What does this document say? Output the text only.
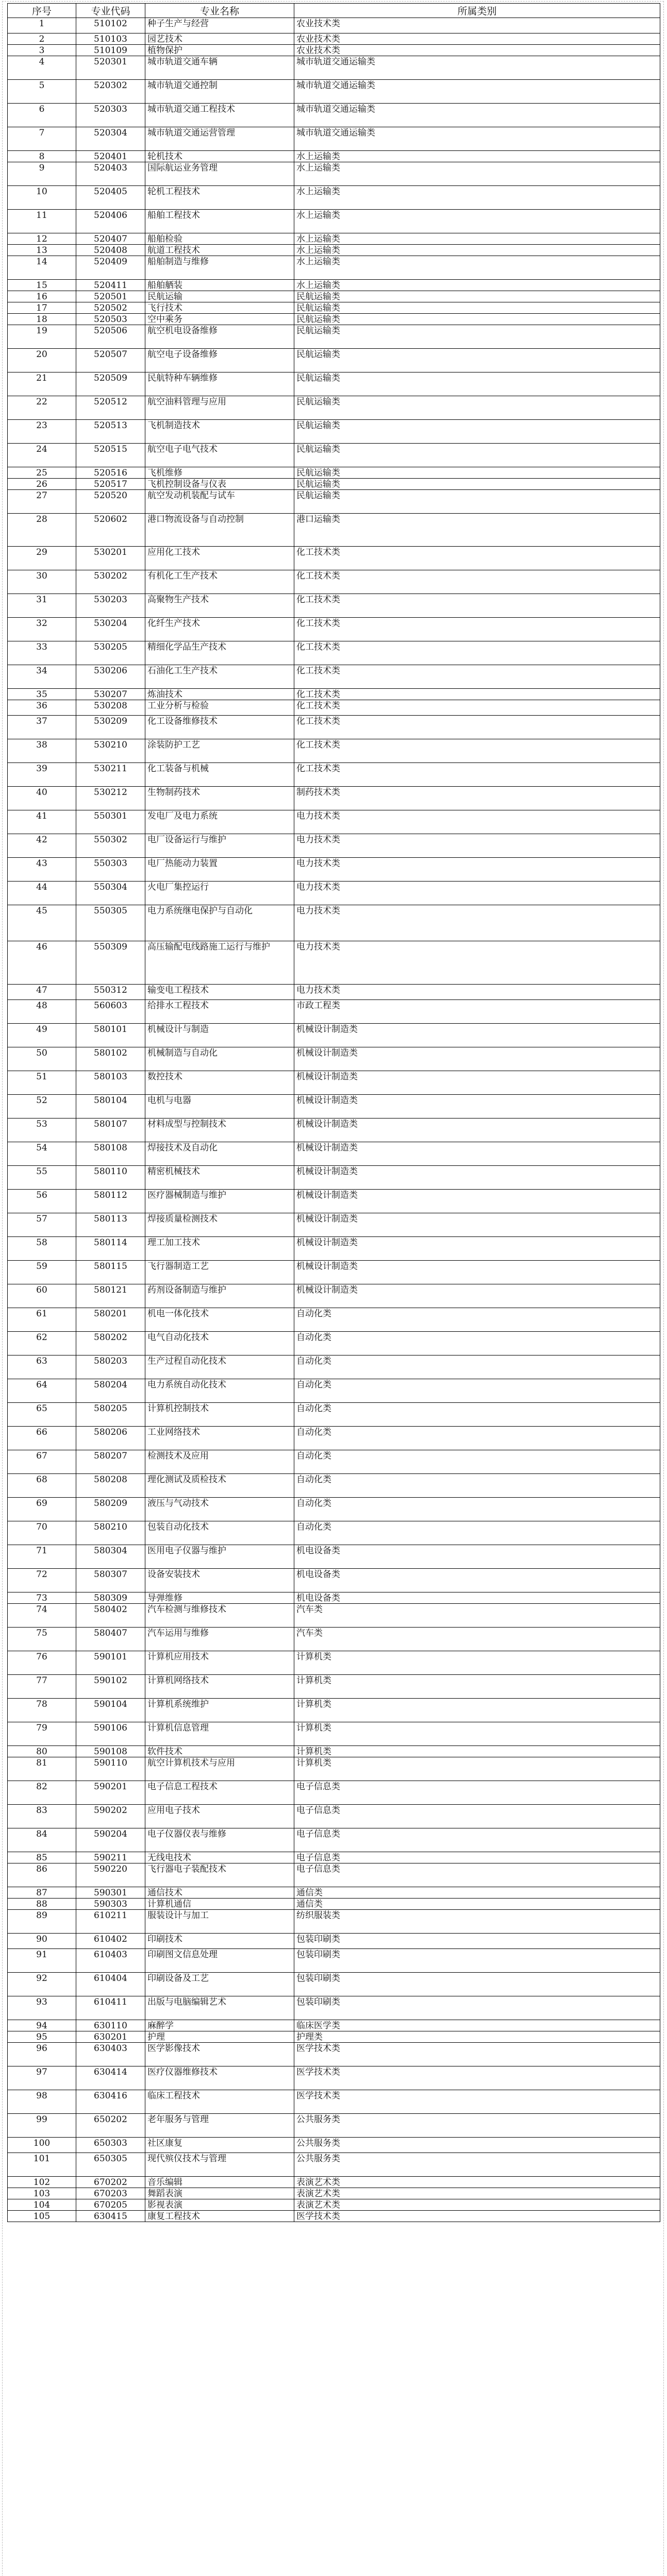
序号	专业代码	专业名称	所属类别
1	510102	种子生产与经营	农业技术类
2	510103	园艺技术	农业技术类
3	510109	植物保护	农业技术类
4	520301	城市轨道交通车辆	城市轨道交通运输类
5	520302	城市轨道交通控制	城市轨道交通运输类
6	520303	城市轨道交通工程技术	城市轨道交通运输类
7	520304	城市轨道交通运营管理	城市轨道交通运输类
8	520401	轮机技术	水上运输类
9	520403	国际航运业务管理	水上运输类
10	520405	轮机工程技术	水上运输类
11	520406	船舶工程技术	水上运输类
12	520407	船舶检验	水上运输类
13	520408	航道工程技术	水上运输类
14	520409	船舶制造与维修	水上运输类
15	520411	船舶舾装	水上运输类
16	520501	民航运输	民航运输类
17	520502	飞行技术	民航运输类
18	520503	空中乘务	民航运输类
19	520506	航空机电设备维修	民航运输类
20	520507	航空电子设备维修	民航运输类
21	520509	民航特种车辆维修	民航运输类
22	520512	航空油料管理与应用	民航运输类
23	520513	飞机制造技术	民航运输类
24	520515	航空电子电气技术	民航运输类
25	520516	飞机维修	民航运输类
26	520517	飞机控制设备与仪表	民航运输类
27	520520	航空发动机装配与试车	民航运输类
28	520602	港口物流设备与自动控制	港口运输类
29	530201	应用化工技术	化工技术类
30	530202	有机化工生产技术	化工技术类
31	530203	高聚物生产技术	化工技术类
32	530204	化纤生产技术	化工技术类
33	530205	精细化学品生产技术	化工技术类
34	530206	石油化工生产技术	化工技术类
35	530207	炼油技术	化工技术类
36	530208	工业分析与检验	化工技术类
37	530209	化工设备维修技术	化工技术类
38	530210	涂装防护工艺	化工技术类
39	530211	化工装备与机械	化工技术类
40	530212	生物制药技术	制药技术类
41	550301	发电厂及电力系统	电力技术类
42	550302	电厂设备运行与维护	电力技术类
43	550303	电厂热能动力装置	电力技术类
44	550304	火电厂集控运行	电力技术类
45	550305	电力系统继电保护与自动化	电力技术类
46	550309	高压输配电线路施工运行与维护	电力技术类
47	550312	输变电工程技术	电力技术类
48	560603	给排水工程技术	市政工程类
49	580101	机械设计与制造	机械设计制造类
50	580102	机械制造与自动化	机械设计制造类
51	580103	数控技术	机械设计制造类
52	580104	电机与电器	机械设计制造类
53	580107	材料成型与控制技术	机械设计制造类
54	580108	焊接技术及自动化	机械设计制造类
55	580110	精密机械技术	机械设计制造类
56	580112	医疗器械制造与维护	机械设计制造类
57	580113	焊接质量检测技术	机械设计制造类
58	580114	理工加工技术	机械设计制造类
59	580115	飞行器制造工艺	机械设计制造类
60	580121	药剂设备制造与维护	机械设计制造类
61	580201	机电一体化技术	自动化类
62	580202	电气自动化技术	自动化类
63	580203	生产过程自动化技术	自动化类
64	580204	电力系统自动化技术	自动化类
65	580205	计算机控制技术	自动化类
66	580206	工业网络技术	自动化类
67	580207	检测技术及应用	自动化类
68	580208	理化测试及质检技术	自动化类
69	580209	液压与气动技术	自动化类
70	580210	包装自动化技术	自动化类
71	580304	医用电子仪器与维护	机电设备类
72	580307	设备安装技术	机电设备类
73	580309	导弹维修	机电设备类
74	580402	汽车检测与维修技术	汽车类
75	580407	汽车运用与维修	汽车类
76	590101	计算机应用技术	计算机类
77	590102	计算机网络技术	计算机类
78	590104	计算机系统维护	计算机类
79	590106	计算机信息管理	计算机类
80	590108	软件技术	计算机类
81	590110	航空计算机技术与应用	计算机类
82	590201	电子信息工程技术	电子信息类
83	590202	应用电子技术	电子信息类
84	590204	电子仪器仪表与维修	电子信息类
85	590211	无线电技术	电子信息类
86	590220	飞行器电子装配技术	电子信息类
87	590301	通信技术	通信类
88	590303	计算机通信	通信类
89	610211	服装设计与加工	纺织服装类
90	610402	印刷技术	包装印刷类
91	610403	印刷图文信息处理	包装印刷类
92	610404	印刷设备及工艺	包装印刷类
93	610411	出版与电脑编辑艺术	包装印刷类
94	630110	麻醉学	临床医学类
95	630201	护理	护理类
96	630403	医学影像技术	医学技术类
97	630414	医疗仪器维修技术	医学技术类
98	630416	临床工程技术	医学技术类
99	650202	老年服务与管理	公共服务类
100	650303	社区康复	公共服务类
101	650305	现代殡仪技术与管理	公共服务类
102	670202	音乐编辑	表演艺术类
103	670203	舞蹈表演	表演艺术类
104	670205	影视表演	表演艺术类
105	630415	康复工程技术	医学技术类
